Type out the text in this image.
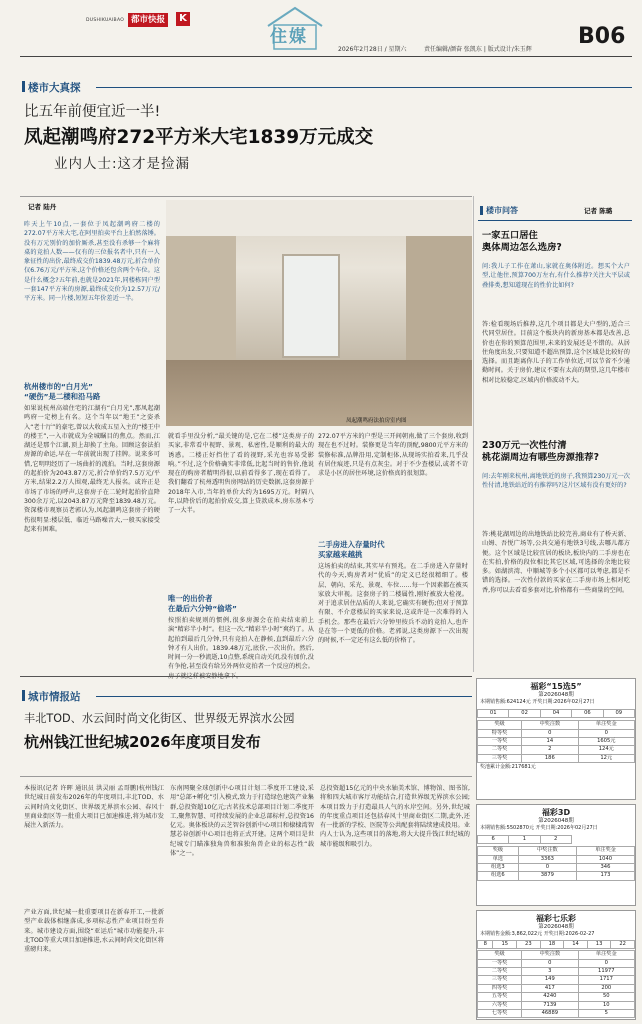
DUSHIKUAIBAO 都市快报	K
住媒
2026年2月28日 / 星期六	责任编辑/颜奋 张凯东 | 版式设计/朱玉辉
B06
楼市大真探
比五年前便宜近一半!
凤起潮鸣府272平方米大宅1839万元成交
业内人士:这才是捡漏
记者 陆丹
昨天上午10点,一套位于凤起潮鸣府二楼的272.07平方米大宅,在阿里拍卖平台上拍然落锤。没有万元别价的加价厮杀,甚至没有杀够一个麻将桌的竞拍人数——仅有的三位报名者中,只有一人象征性的出价,最终成交价1839.48万元,折合单价仅6.76万元/平方米,这个价格还包含两个车位。这是什么概念?五年前,也就是2021年,同楼栋同户型一套147平方米的房源,最终成交价为12.57万元/平方米。同一片楼,短短五年价差近一半。
凤起潮鸣府法拍房室内图
杭州楼市的“白月光”
“硬伤”是二楼和沿马路
如果说杭州高端住宅的江湖有“白月光”,那凤起潮鸣府一定榜上有名。这个当年以“地王”之姿杀入“老十厅”的豪宅,曾以大收成五星入主的“楼王中的楼王”,一入市就成为全城瞩目的焦点。然而,江湖还是那个江湖,顶上却换了主角。回顾这套法拍房源的命运,早在一年前就出现了挂牌。说来多可惜,它明明经历了一场曲折的流拍。当时,这套房源的起拍价为2043.87万元,折合单价约7.5万元/平方米,结果2.2万人围观,最终无人报名。或许正是市场了市场的呼声,这套房子在二轮时起拍价直降300余万元,以2043.87万元降至1839.48万元。资深楼市观察员老郭认为,凤起潮鸣这套房子的硬伤很明显:楼层低、临近马路噪音大,一般买家接受起来有困难。
就看手里没分析,“最关键的是,它在二楼”这类房子的买家,非常看中视野、景观、私密性,是顺利的最大的诱惑。二楼正好挡住了看的视野,采光也容易受影响。”不过,这个价格确实非常低,比起当时的售价,他说现在的购房者精明得很,以前看得多了,现在看得了。我们翻看了杭州透明售房网站的历史数据,这套房源于2018年入市,当年的单价大约为1695万元。时隔八年,以降价后的起拍价成交,算上贷款成本,房东基本亏了一大半。
唯一的出价者
在最后六分钟“偷塔”
按照拍卖规则的惯例,很多房源会在拍卖结束前上演“精彩半小时”。但这一次,“精彩半小时”爽约了。从起拍到最后几分钟,只有竞拍人在静候,直到最后六分钟才有人出价。1839.48万元,底价,一次出价。然后,时间一分一秒流逝,10点整,系统自动关闭,没有加价,没有争抢,甚至没有给另外两位竞拍者一个反应的机会。
272.07平方米的户型是三开间朝南,做了三个套房,收到现在也不过时。装修更是当年的顶配,9800元平方米的装修标准,品牌沿用,定制柜体,从现场实拍看来,几乎没有居住痕迹,只是有点灰尘。对于不少查楼层,或者不苛求是小区的居住环境,这价格真的很划算。
二手房进入存量时代
买家越来越挑
这场拍卖的结束,其实早有预兆。在二手房进入存量时代的今天,购房者对“优质”的定义已经很精细了。楼层、朝向、采光、景观、车位……每一个因素都在被买家放大审视。这套房子的二楼属性,刚好被放大检视。对于追求居住品质的人来说,它确实有硬伤;但对于预算有限、不介意楼层的买家来说,这或许是一次难得的入手机会。那些在最后六分钟里按兵不动的竞拍人,也许是在等一个更低的价格。老郭说,这类房源下一次出现的时候,不一定还有这么低的价格了。
楼市问答	记者 陈璐
一家五口居住
奥体周边怎么选房?
问:我儿子工作在萧山,家就在奥体附近。想买个大户型,让他住,预算700万左右,有什么推荐?关注大平层或叠排类,想知道现在的性价比如何?
答:检看现场后推荐,这几个项目都是大户型的,适合三代同堂居住。目前这个板块内的新房基本都是改善,总价也在你的预算范围里,未来的发展还是不错的。从居住角度出发,只要知道不超出预算,这个区域是比较好的选择。而且距离你儿子的工作单位近,可以节省不少通勤时间。关于房价,建议不要有太高的期望,这几年楼市相对比较稳定,区域内价格波动不大。
230万元一次性付清
桃花湖周边有哪些房源推荐?
问:去年刚来杭州,离地铁近的房子,我预算230万元一次性付清,地铁站近的有推荐吗?这片区域有没有更好的?
答:桃花湖周边的出地铁站比较完善,商业有了桥天新、山姆、吾悦广场等,公共交通有地铁3号线,去哪儿都方便。这个区域是比较宜居的板块,板块内的二手房也在在实拍,价格的段位相比其它区域,可选择的余地比较多。如湖滨湾、中顺城等多个小区都可以考虑,都是不错的选择。一次性付款的买家在二手房市场上相对吃香,你可以去看看多套对比,价格都有一些商量的空间。
城市情报站
丰北TOD、水云间时尚文化街区、世界级无界滨水公园
杭州钱江世纪城2026年度项目发布
本报讯(记者 许晖 通讯员 洪灵丽 孟哥鹏)杭州钱江世纪城日前发布2026年的年度项目,丰北TOD、水云间时尚文化街区、世界级无界滨水公园、春风十里商业街区等一批重大项目已加速推进,将为城市发展注入新活力。
产业方面,世纪城一批重要项目在新春开工,一批新型产业载体相继落成,多项标志性产业项目纷至沓来。城市建设方面,围绕“亚运后”城市功能提升,丰北TOD等重大项目加速推进,水云间时尚文化街区将重磅归来。
东南网聚全球创新中心项目计划二季度开工建设,采用“总部+孵化”引入模式,致力于打造绿色建筑产业集群,总投资超10亿元;古茗技术总部项目计划二季度开工,聚焦智慧、可持续发展的企业总部标杆,总投资16亿元。奥体板块的云芝智谷创新中心项目和棣棣湾智慧芯谷创新中心项目也将正式开建。这两个项目是世纪城专门瞄准独角兽和准独角兽企业的标志性“载体”之一。
总投资超15亿元的中央水轴美术馆、博物馆、图书馆,将和四大城市客厅功能结合,打造世界级无界滨水公园;本项目致力于打造最具人气的水岸空间。另外,世纪城的年度重点项目还包括春风十里商业街区二期,此外,还有一批新的学校、医院等公共配套将陆续建成投用。业内人士认为,这些项目的落地,将大大提升钱江世纪城的城市能级和吸引力。
福彩“15选5”
第2026048期
本期销售额:624124元 开奖日期:2026年02月27日
01	02	04	06	09
奖级	中奖注数	单注奖金
特等奖	0	0
一等奖	14	1605元
二等奖	2	124元
三等奖	186	12元
奖池累计金额:217681元
福彩3D
第2026048期
本期销售额:5502870元 开奖日期:2026年02月27日
6	1	2
奖级	中奖注数	单注奖金
单选	3363	1040
组选3	0	346
组选6	3879	173
福彩七乐彩
第2026048期
本期销售金额:3,862,022元 开奖日期:2026-02-27
8	15	23	18	14	13	22
奖级	中奖注数	单注奖金
一等奖	0	0
二等奖	3	11977
三等奖	149	1717
四等奖	417	200
五等奖	4240	50
六等奖	7139	10
七等奖	46889	5
